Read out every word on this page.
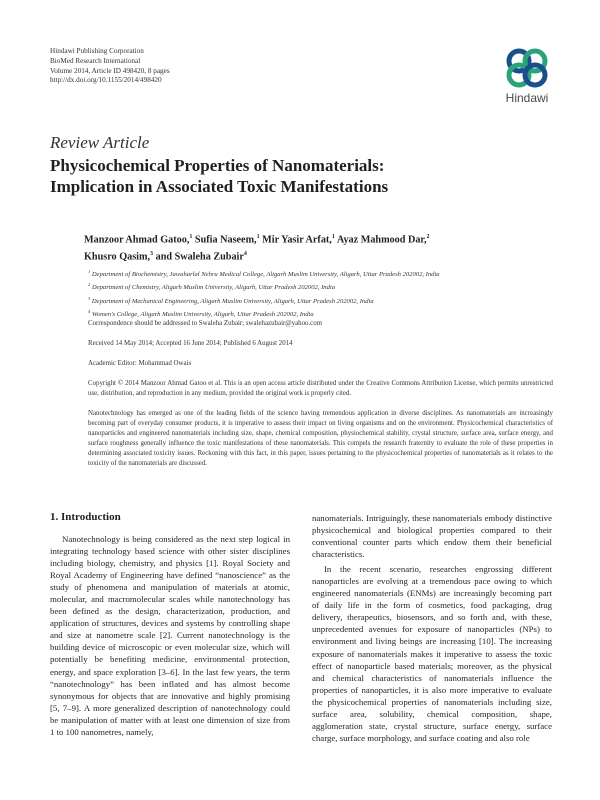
Hindawi Publishing Corporation
BioMed Research International
Volume 2014, Article ID 498420, 8 pages
http://dx.doi.org/10.1155/2014/498420
Hindawi
Review Article
Physicochemical Properties of Nanomaterials:
Implication in Associated Toxic Manifestations
Manzoor Ahmad Gatoo,$^1$ Sufia Naseem,$^1$ Mir Yasir Arfat,$^1$ Ayaz Mahmood Dar,$^2$
Khusro Qasim,$^3$ and Swaleha Zubair$^4$
$^1$ Department of Biochemistry, Jawaharlal Nehru Medical College, Aligarh Muslim University, Aligarh, Uttar Pradesh 202002, India
$^2$ Department of Chemistry, Aligarh Muslim University, Aligarh, Uttar Pradesh 202002, India
$^3$ Department of Mechanical Engineering, Aligarh Muslim University, Aligarh, Uttar Pradesh 202002, India
$^4$ Women's College, Aligarh Muslim University, Aligarh, Uttar Pradesh 202002, India
Correspondence should be addressed to Swaleha Zubair; swalehazubair@yahoo.com
Received 14 May 2014; Accepted 16 June 2014; Published 6 August 2014
Academic Editor: Mohammad Owais
Copyright © 2014 Manzoor Ahmad Gatoo et al. This is an open access article distributed under the Creative Commons Attribution License, which permits unrestricted use, distribution, and reproduction in any medium, provided the original work is properly cited.
Nanotechnology has emerged as one of the leading fields of the science having tremendous application in diverse disciplines. As nanomaterials are increasingly becoming part of everyday consumer products, it is imperative to assess their impact on living organisms and on the environment. Physicochemical characteristics of nanoparticles and engineered nanomaterials including size, shape, chemical composition, physiochemical stability, crystal structure, surface area, surface energy, and surface roughness generally influence the toxic manifestations of these nanomaterials. This compels the research fraternity to evaluate the role of these properties in determining associated toxicity issues. Reckoning with this fact, in this paper, issues pertaining to the physicochemical properties of nanomaterials as it relates to the toxicity of the nanomaterials are discussed.
1. Introduction

Nanotechnology is being considered as the next step logical in integrating technology based science with other sister disciplines including biology, chemistry, and physics [1]. Royal Society and Royal Academy of Engineering have defined “nanoscience” as the study of phenomena and manipulation of materials at atomic, molecular, and macromolecular scales while nanotechnology has been defined as the design, characterization, production, and application of structures, devices and systems by controlling shape and size at nanometre scale [2]. Current nanotechnology is the building device of microscopic or even molecular size, which will potentially be benefiting medicine, environmental protection, energy, and space exploration [3–6]. In the last few years, the term “nanotechnology” has been inflated and has almost become synonymous for objects that are innovative and highly promising [5, 7–9]. A more generalized description of nanotechnology could be manipulation of matter with at least one dimension of size from 1 to 100 nanometres, namely,

nanomaterials. Intriguingly, these nanomaterials embody distinctive physicochemical and biological properties compared to their conventional counter parts which endow them their beneficial characteristics.

In the recent scenario, researches engrossing different nanoparticles are evolving at a tremendous pace owing to which engineered nanomaterials (ENMs) are increasingly becoming part of daily life in the form of cosmetics, food packaging, drug delivery, therapeutics, biosensors, and so forth and, with these, unprecedented avenues for exposure of nanoparticles (NPs) to environment and living beings are increasing [10]. The increasing exposure of nanomaterials makes it imperative to assess the toxic effect of nanoparticle based materials; moreover, as the physical and chemical characteristics of nanomaterials influence the properties of nanoparticles, it is also more imperative to evaluate the physicochemical properties of nanomaterials including size, surface area, solubility, chemical composition, shape, agglomeration state, crystal structure, surface energy, surface charge, surface morphology, and surface coating and also role
